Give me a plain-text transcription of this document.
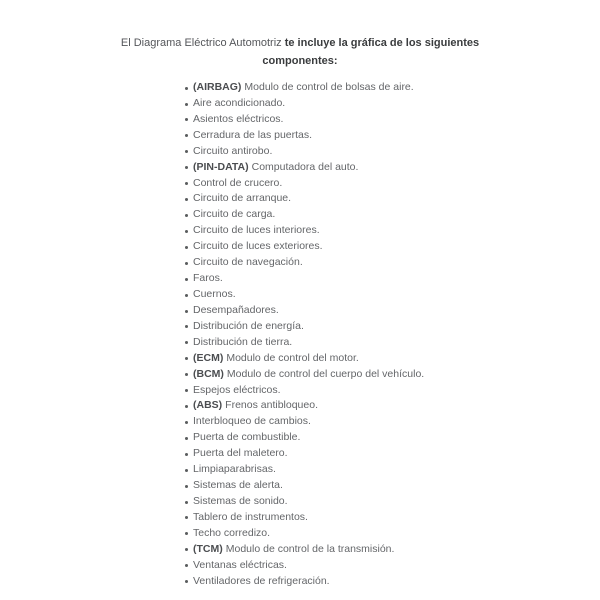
El Diagrama Eléctrico Automotriz te incluye la gráfica de los siguientes
componentes:
(AIRBAG) Modulo de control de bolsas de aire.
Aire acondicionado.
Asientos eléctricos.
Cerradura de las puertas.
Circuito antirobo.
(PIN-DATA) Computadora del auto.
Control de crucero.
Circuito de arranque.
Circuito de carga.
Circuito de luces interiores.
Circuito de luces exteriores.
Circuito de navegación.
Faros.
Cuernos.
Desempañadores.
Distribución de energía.
Distribución de tierra.
(ECM) Modulo de control del motor.
(BCM) Modulo de control del cuerpo del vehículo.
Espejos eléctricos.
(ABS) Frenos antibloqueo.
Interbloqueo de cambios.
Puerta de combustible.
Puerta del maletero.
Limpiaparabrisas.
Sistemas de alerta.
Sistemas de sonido.
Tablero de instrumentos.
Techo corredizo.
(TCM) Modulo de control de la transmisión.
Ventanas eléctricas.
Ventiladores de refrigeración.
